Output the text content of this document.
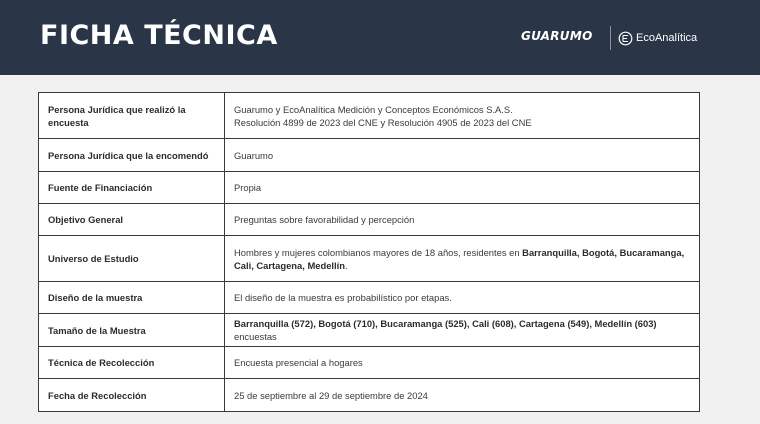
FICHA TÉCNICA	GUARUMO	EcoAnalítica
Persona Jurídica que realizó la encuesta	Guarumo y EcoAnalítica Medición y Conceptos Económicos S.A.S.
Resolución 4899 de 2023 del CNE y Resolución 4905 de 2023 del CNE

Persona Jurídica que la encomendó	Guarumo
Fuente de Financiación	Propia
Objetivo General	Preguntas sobre favorabilidad y percepción
Universo de Estudio	Hombres y mujeres colombianos mayores de 18 años, residentes en Barranquilla, Bogotá, Bucaramanga, Cali, Cartagena, Medellín.
Diseño de la muestra	El diseño de la muestra es probabilístico por etapas.
Tamaño de la Muestra	Barranquilla (572), Bogotá (710), Bucaramanga (525), Cali (608), Cartagena (549), Medellín (603) encuestas
Técnica de Recolección	Encuesta presencial a hogares
Fecha de Recolección	25 de septiembre al 29 de septiembre de 2024
